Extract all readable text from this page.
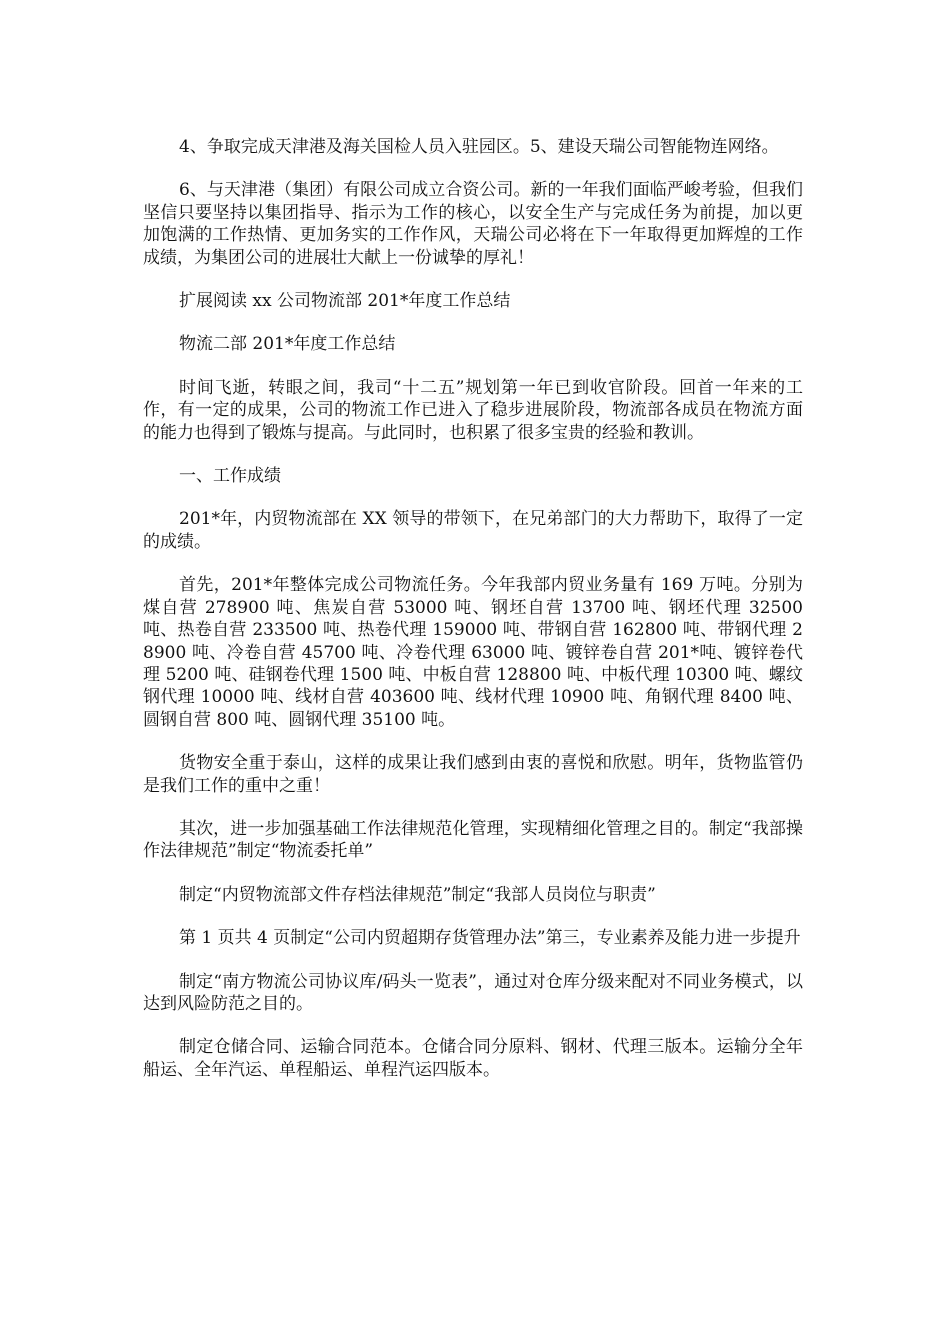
4、争取完成天津港及海关国检人员入驻园区。5、建设天瑞公司智能物连网络。

6、与天津港（集团）有限公司成立合资公司。新的一年我们面临严峻考验，但我们坚信只要坚持以集团指导、指示为工作的核心，以安全生产与完成任务为前提，加以更加饱满的工作热情、更加务实的工作作风，天瑞公司必将在下一年取得更加辉煌的工作成绩，为集团公司的进展壮大献上一份诚挚的厚礼！

扩展阅读 xx 公司物流部 201*年度工作总结

物流二部 201*年度工作总结

时间飞逝，转眼之间，我司“十二五”规划第一年已到收官阶段。回首一年来的工作，有一定的成果，公司的物流工作已进入了稳步进展阶段，物流部各成员在物流方面的能力也得到了锻炼与提高。与此同时，也积累了很多宝贵的经验和教训。

一、工作成绩

201*年，内贸物流部在 XX 领导的带领下，在兄弟部门的大力帮助下，取得了一定的成绩。

首先，201*年整体完成公司物流任务。今年我部内贸业务量有 169 万吨。分别为煤自营 278900 吨、焦炭自营 53000 吨、钢坯自营 13700 吨、钢坯代理 32500 吨、热卷自营 233500 吨、热卷代理 159000 吨、带钢自营 162800 吨、带钢代理 28900 吨、冷卷自营 45700 吨、冷卷代理 63000 吨、镀锌卷自营 201*吨、镀锌卷代理 5200 吨、硅钢卷代理 1500 吨、中板自营 128800 吨、中板代理 10300 吨、螺纹钢代理 10000 吨、线材自营 403600 吨、线材代理 10900 吨、角钢代理 8400 吨、圆钢自营 800 吨、圆钢代理 35100 吨。

货物安全重于泰山，这样的成果让我们感到由衷的喜悦和欣慰。明年，货物监管仍是我们工作的重中之重！

其次，进一步加强基础工作法律规范化管理，实现精细化管理之目的。制定“我部操作法律规范”制定“物流委托单”

制定“内贸物流部文件存档法律规范”制定“我部人员岗位与职责”

第 1 页共 4 页制定“公司内贸超期存货管理办法”第三，专业素养及能力进一步提升

制定“南方物流公司协议库/码头一览表”，通过对仓库分级来配对不同业务模式，以达到风险防范之目的。

制定仓储合同、运输合同范本。仓储合同分原料、钢材、代理三版本。运输分全年船运、全年汽运、单程船运、单程汽运四版本。
